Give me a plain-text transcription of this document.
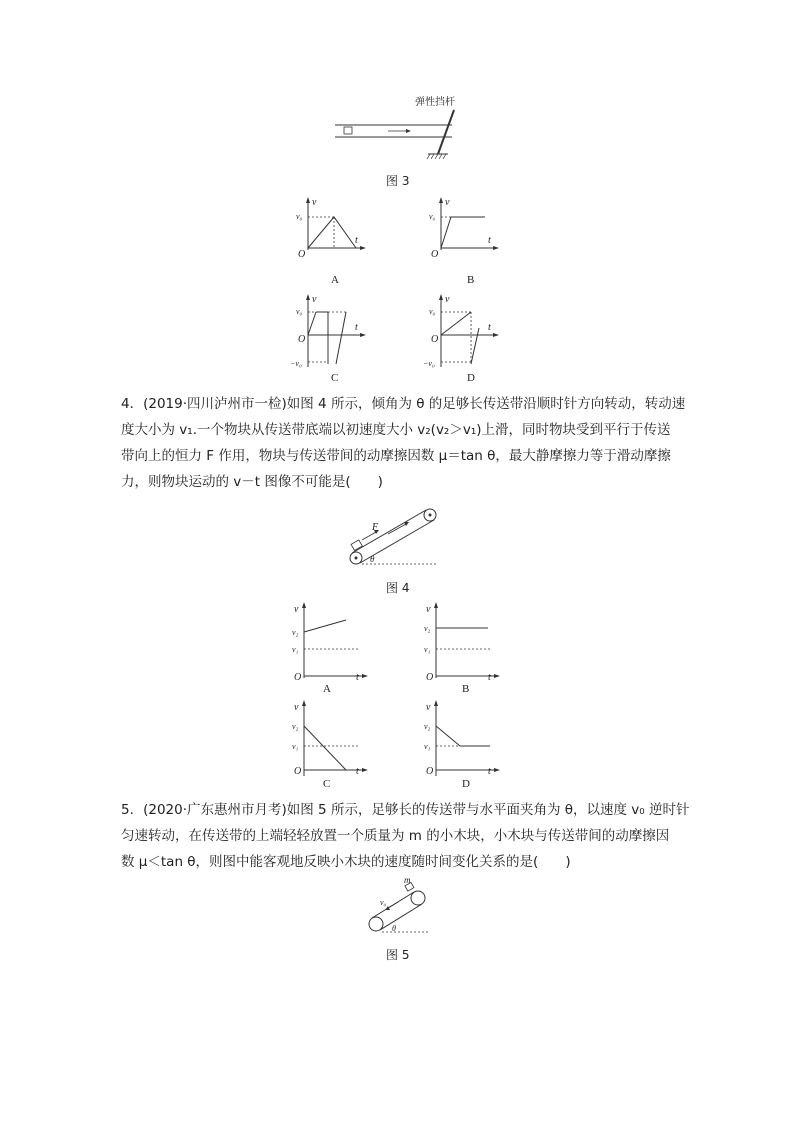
弹性挡杆
图 3
v
v₀
O
t
A
v
v₀
O
t
B
v
v₀
−v₀
O
t
C
v
v₀
−v₀
O
t
D
4．(2019·四川泸州市一检)如图 4 所示，倾角为 θ 的足够长传送带沿顺时针方向转动，转动速
度大小为 v₁.一个物块从传送带底端以初速度大小 v₂(v₂＞v₁)上滑，同时物块受到平行于传送
带向上的恒力 F 作用，物块与传送带间的动摩擦因数 μ＝tan θ，最大静摩擦力等于滑动摩擦
力，则物块运动的 v－t 图像不可能是(　　)
F
θ
图 4
v
v₂
v₁
O	t
A
v
v₂
v₁
O	t
B
v
v₂
v₁
O	t
C
v
v₂
v₁
O	t
D
5．(2020·广东惠州市月考)如图 5 所示，足够长的传送带与水平面夹角为 θ，以速度 v₀ 逆时针
匀速转动，在传送带的上端轻轻放置一个质量为 m 的小木块，小木块与传送带间的动摩擦因
数 μ＜tan θ，则图中能客观地反映小木块的速度随时间变化关系的是(　　)
m
v₀
θ
图 5
